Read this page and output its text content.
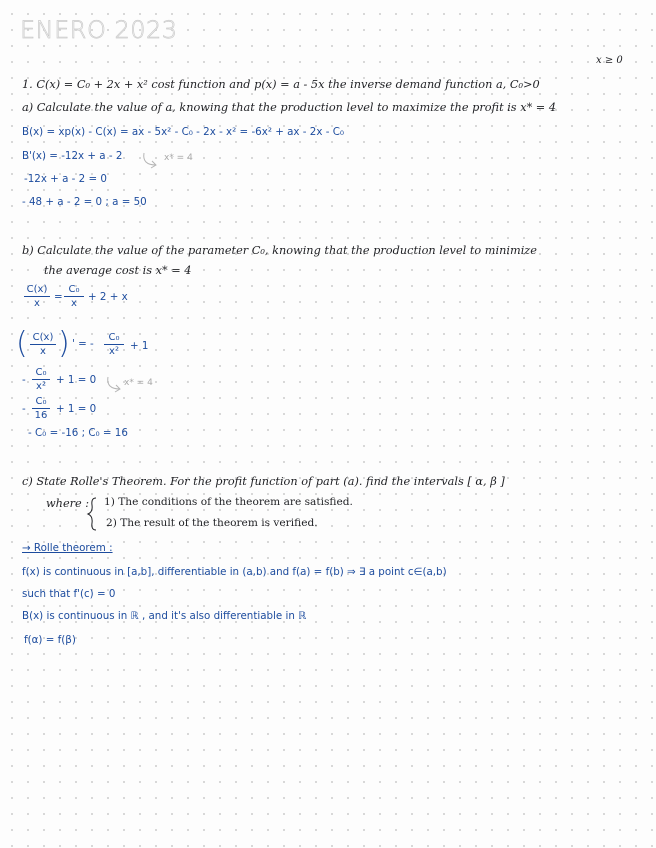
ENERO 2023
x ≥ 0
1. C(x) = C₀ + 2x + x² cost function and p(x) = a - 5x the inverse demand function a, C₀>0
a) Calculate the value of a, knowing that the production level to maximize the profit is x* = 4
B(x) = xp(x) - C(x) = ax - 5x² - C₀ - 2x - x² = -6x² + ax - 2x - C₀
B'(x) = -12x + a - 2	x* = 4
-12x + a - 2 = 0
- 48 + a - 2 = 0 ; a = 50
b) Calculate the value of the parameter C₀, knowing that the production level to minimize
the average cost is x* = 4
C(x)
x
=
C₀
x
+ 2 + x
( C(x)
x ) ' = -
C₀
x²	+ 1
-
C₀
x²
+ 1 = 0	x* = 4
-
C₀
16
+ 1 = 0
- C₀ = -16 ; C₀ = 16
c) State Rolle's Theorem. For the profit function of part (a). find the intervals [ α, β ]
where : 1) The conditions of the theorem are satisfied.
2) The result of the theorem is verified.
→ Rolle theorem :
f(x) is continuous in [a,b], differentiable in (a,b) and f(a) = f(b) ⇒ ∃ a point c∈(a,b)
such that f'(c) = 0
B(x) is continuous in ℝ , and it's also differentiable in ℝ
f(α) = f(β)
